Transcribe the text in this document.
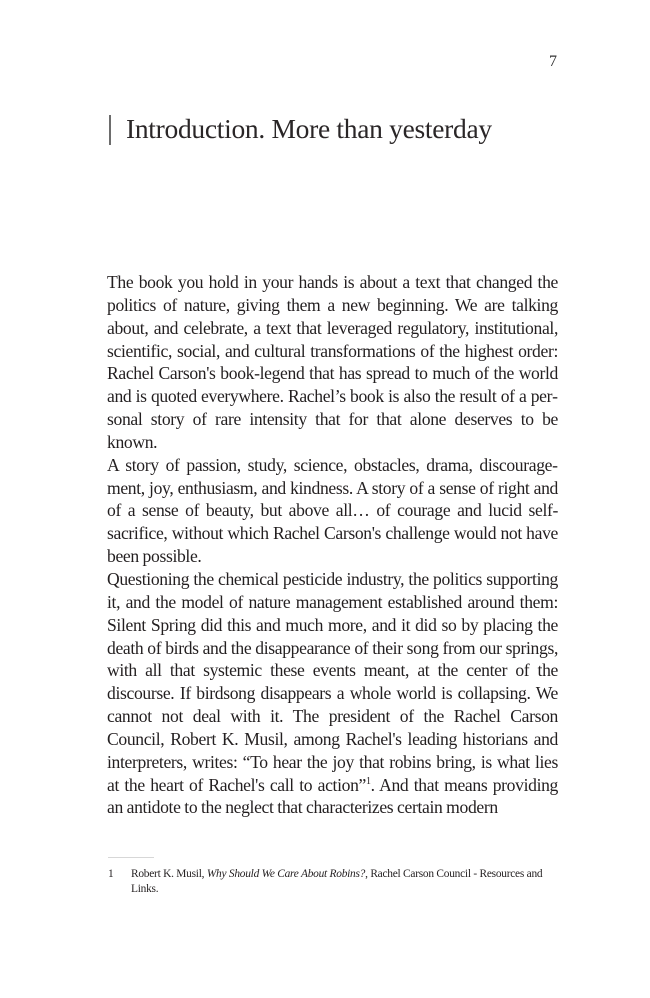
7
Introduction. More than yesterday

The book you hold in your hands is about a text that changed the politics of nature, giving them a new beginning. We are talking about, and celebrate, a text that leveraged regulatory, institutional, scientific, social, and cultural transformations of the highest order: Rachel Carson's book-legend that has spread to much of the world and is quoted everywhere. Rachel’s book is also the result of a personal story of rare intensity that for that alone deserves to be known.

A story of passion, study, science, obstacles, drama, discouragement, joy, enthusiasm, and kindness. A story of a sense of right and of a sense of beauty, but above all… of courage and lucid self-sacrifice, without which Rachel Carson's challenge would not have been possible.

Questioning the chemical pesticide industry, the politics supporting it, and the model of nature management established around them: Silent Spring did this and much more, and it did so by placing the death of birds and the disappearance of their song from our springs, with all that systemic these events meant, at the center of the discourse. If birdsong disappears a whole world is collapsing. We cannot not deal with it. The president of the Rachel Carson Council, Robert K. Musil, among Rachel's leading historians and interpreters, writes: “To hear the joy that robins bring, is what lies at the heart of Rachel's call to action”$^1$. And that means providing an antidote to the neglect that characterizes certain modern

1	Robert K. Musil, Why Should We Care About Robins?, Rachel Carson Council - Resources and Links.
